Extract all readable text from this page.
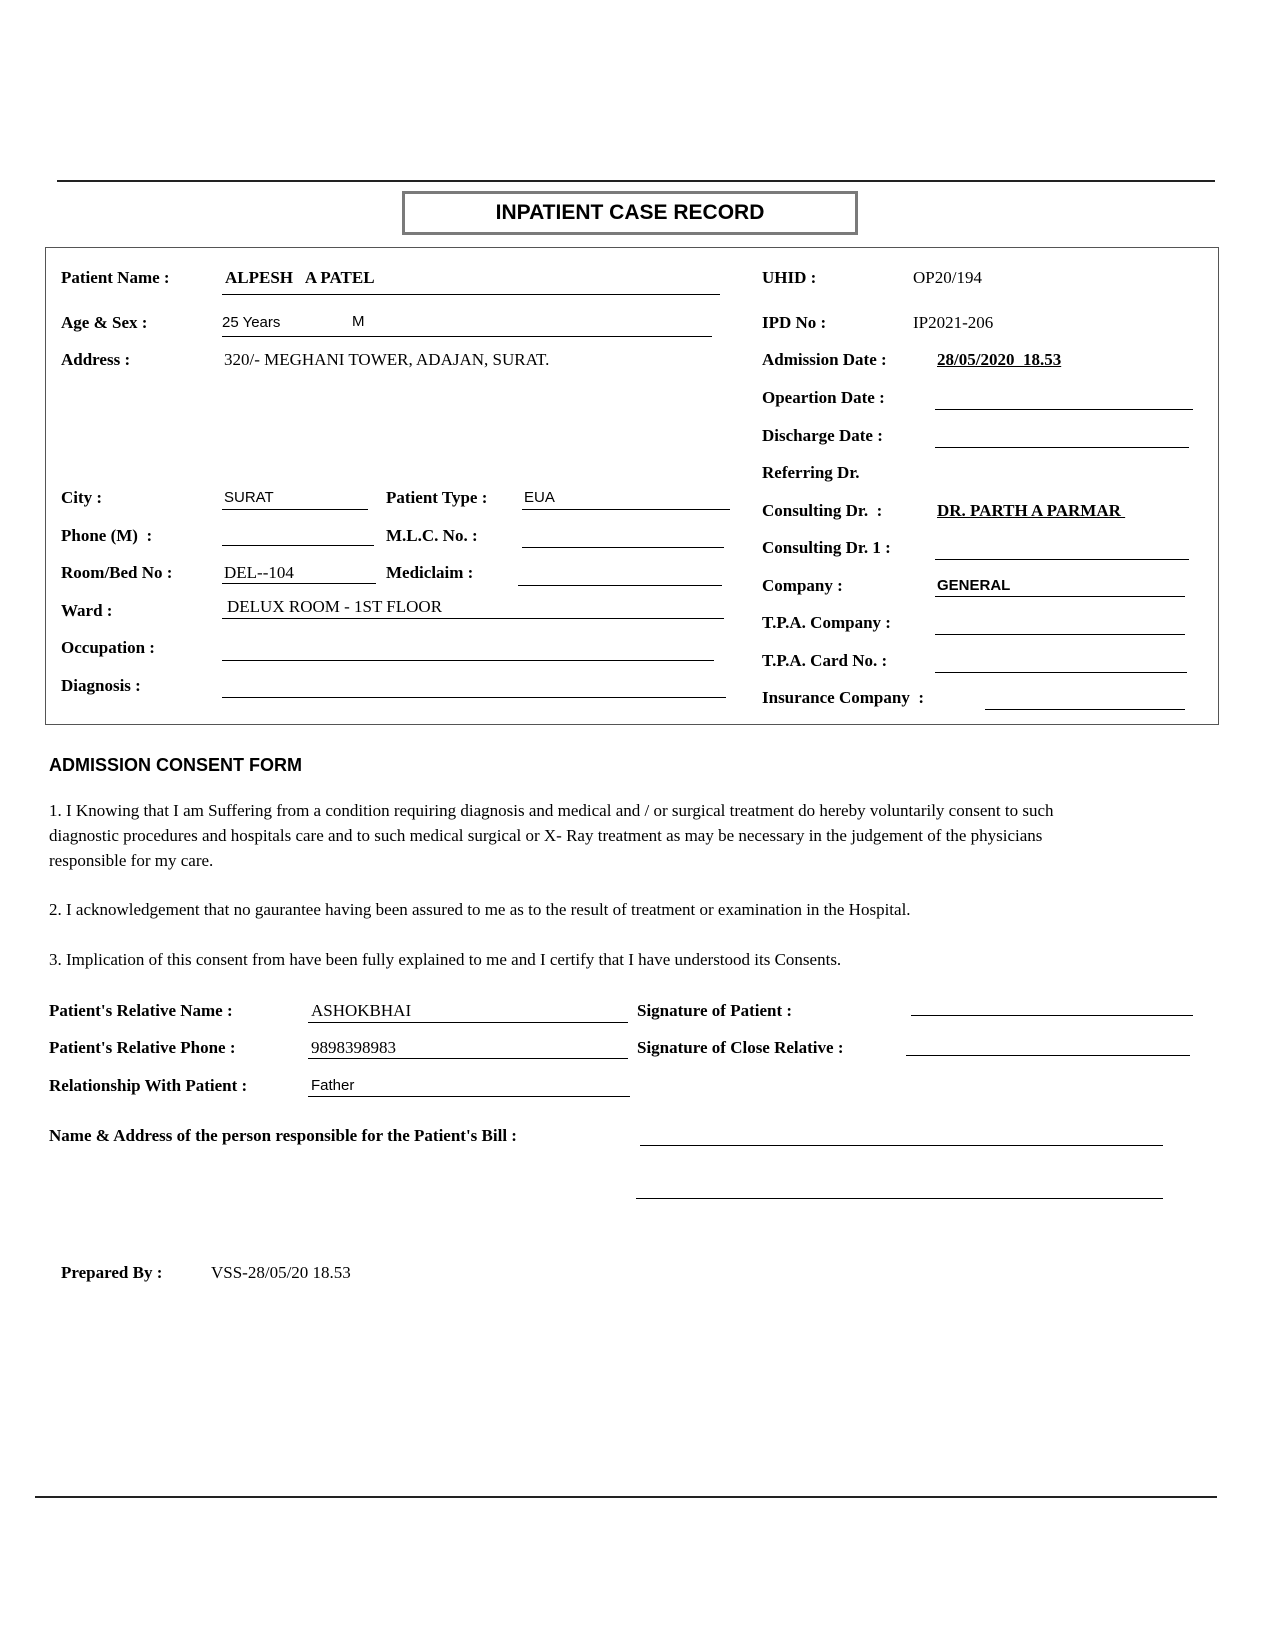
INPATIENT CASE RECORD
Patient Name :	ALPESH   A PATEL
Age & Sex :	25 Years	M
Address :	320/- MEGHANI TOWER, ADAJAN, SURAT.
City :	SURAT	Patient Type : EUA
Phone (M)  :	M.L.C. No. :
Room/Bed No :	DEL--104	Mediclaim :
Ward :	DELUX ROOM - 1ST FLOOR
Occupation :
Diagnosis :
UHID :	OP20/194
IPD No :	IP2021-206
Admission Date :	28/05/2020  18.53
Opeartion Date :
Discharge Date :
Referring Dr.
Consulting Dr.  :	DR. PARTH A PARMAR
Consulting Dr. 1 :
Company :	GENERAL
T.P.A. Company :
T.P.A. Card No. :
Insurance Company  :
ADMISSION CONSENT FORM
1. I Knowing that I am Suffering from a condition requiring diagnosis and medical and / or surgical treatment do hereby voluntarily consent to such diagnostic procedures and hospitals care and to such medical surgical or X- Ray treatment as may be necessary in the judgement of the physicians responsible for my care.
2. I acknowledgement that no gaurantee having been assured to me as to the result of treatment or examination in the Hospital.
3. Implication of this consent from have been fully explained to me and I certify that I have understood its Consents.
Patient's Relative Name :	ASHOKBHAI	Signature of Patient :
Patient's Relative Phone :	9898398983	Signature of Close Relative :
Relationship With Patient :	Father
Name & Address of the person responsible for the Patient's Bill :
Prepared By :	VSS-28/05/20 18.53
